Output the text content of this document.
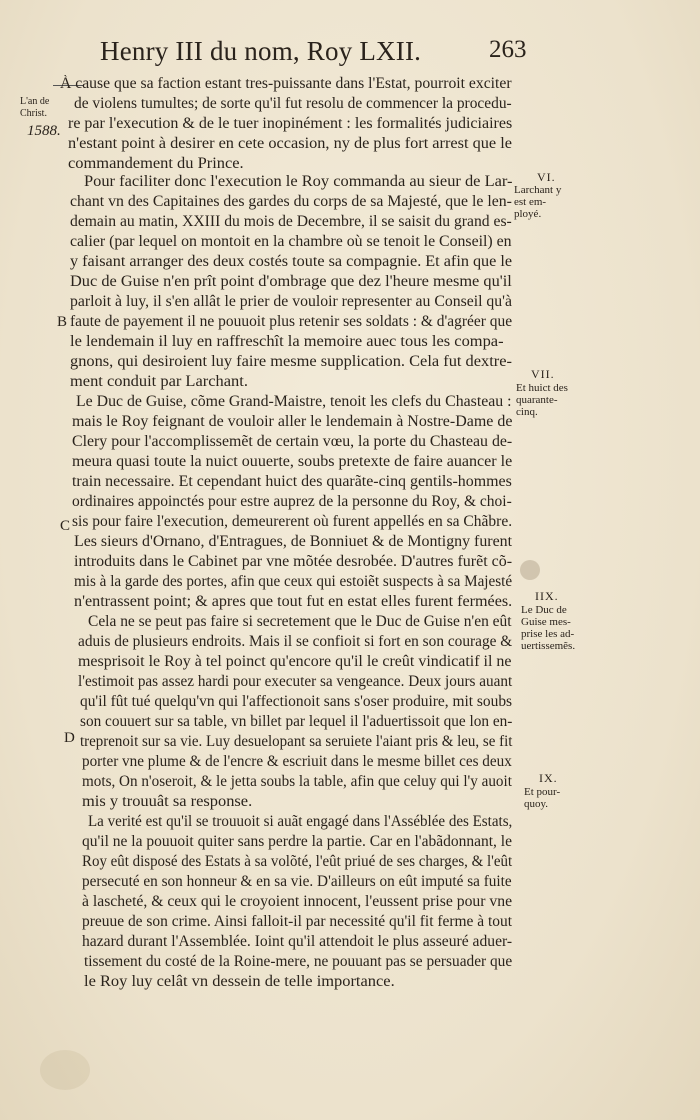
Henry III du nom, Roy LXII.	263
L'an de Christ.
1588.
B
C
D
VI.
Larchant y
est em-
ployé.
VII.
Et huict des
quarante-
cinq.
IIX.
Le Duc de
Guise mes-
prise les ad-
uertissemẽs.
IX.
Et pour-
quoy.
À cause que sa faction estant tres-puissante dans l'Estat, pourroit exciter
de violens tumultes; de sorte qu'il fut resolu de commencer la procedu-
re par l'execution & de le tuer inopinément : les formalités judiciaires
n'estant point à desirer en cete occasion, ny de plus fort arrest que le
commandement du Prince.
Pour faciliter donc l'execution le Roy commanda au sieur de Lar-
chant vn des Capitaines des gardes du corps de sa Majesté, que le len-
demain au matin, XXIII du mois de Decembre, il se saisit du grand es-
calier (par lequel on montoit en la chambre où se tenoit le Conseil) en
y faisant arranger des deux costés toute sa compagnie. Et afin que le
Duc de Guise n'en prît point d'ombrage que dez l'heure mesme qu'il
parloit à luy, il s'en allât le prier de vouloir representer au Conseil qu'à
faute de payement il ne pouuoit plus retenir ses soldats : & d'agréer que
le lendemain il luy en raffreschît la memoire auec tous les compa-
gnons, qui desiroient luy faire mesme supplication. Cela fut dextre-
ment conduit par Larchant.
Le Duc de Guise, cõme Grand-Maistre, tenoit les clefs du Chasteau :
mais le Roy feignant de vouloir aller le lendemain à Nostre-Dame de
Clery pour l'accomplissemẽt de certain vœu, la porte du Chasteau de-
meura quasi toute la nuict ouuerte, soubs pretexte de faire auancer le
train necessaire. Et cependant huict des quarãte-cinq gentils-hommes
ordinaires appoinctés pour estre auprez de la personne du Roy, & choi-
sis pour faire l'execution, demeurerent où furent appellés en sa Chãbre.
Les sieurs d'Ornano, d'Entragues, de Bonniuet & de Montigny furent
introduits dans le Cabinet par vne mõtée desrobée. D'autres furẽt cõ-
mis à la garde des portes, afin que ceux qui estoiẽt suspects à sa Majesté
n'entrassent point; & apres que tout fut en estat elles furent fermées.
Cela ne se peut pas faire si secretement que le Duc de Guise n'en eût
aduis de plusieurs endroits. Mais il se confioit si fort en son courage &
mesprisoit le Roy à tel poinct qu'encore qu'il le creût vindicatif il ne
l'estimoit pas assez hardi pour executer sa vengeance. Deux jours auant
qu'il fût tué quelqu'vn qui l'affectionoit sans s'oser produire, mit soubs
son couuert sur sa table, vn billet par lequel il l'aduertissoit que lon en-
treprenoit sur sa vie. Luy desuelopant sa seruiete l'aiant pris & leu, se fit
porter vne plume & de l'encre & escriuit dans le mesme billet ces deux
mots, On n'oseroit, & le jetta soubs la table, afin que celuy qui l'y auoit
mis y trouuât sa response.
La verité est qu'il se trouuoit si auãt engagé dans l'Asséblée des Estats,
qu'il ne la pouuoit quiter sans perdre la partie. Car en l'abãdonnant, le
Roy eût disposé des Estats à sa volõté, l'eût priué de ses charges, & l'eût
persecuté en son honneur & en sa vie. D'ailleurs on eût imputé sa fuite
à lascheté, & ceux qui le croyoient innocent, l'eussent prise pour vne
preuue de son crime. Ainsi falloit-il par necessité qu'il fit ferme à tout
hazard durant l'Assemblée. Ioint qu'il attendoit le plus asseuré aduer-
tissement du costé de la Roine-mere, ne pouuant pas se persuader que
le Roy luy celât vn dessein de telle importance.
